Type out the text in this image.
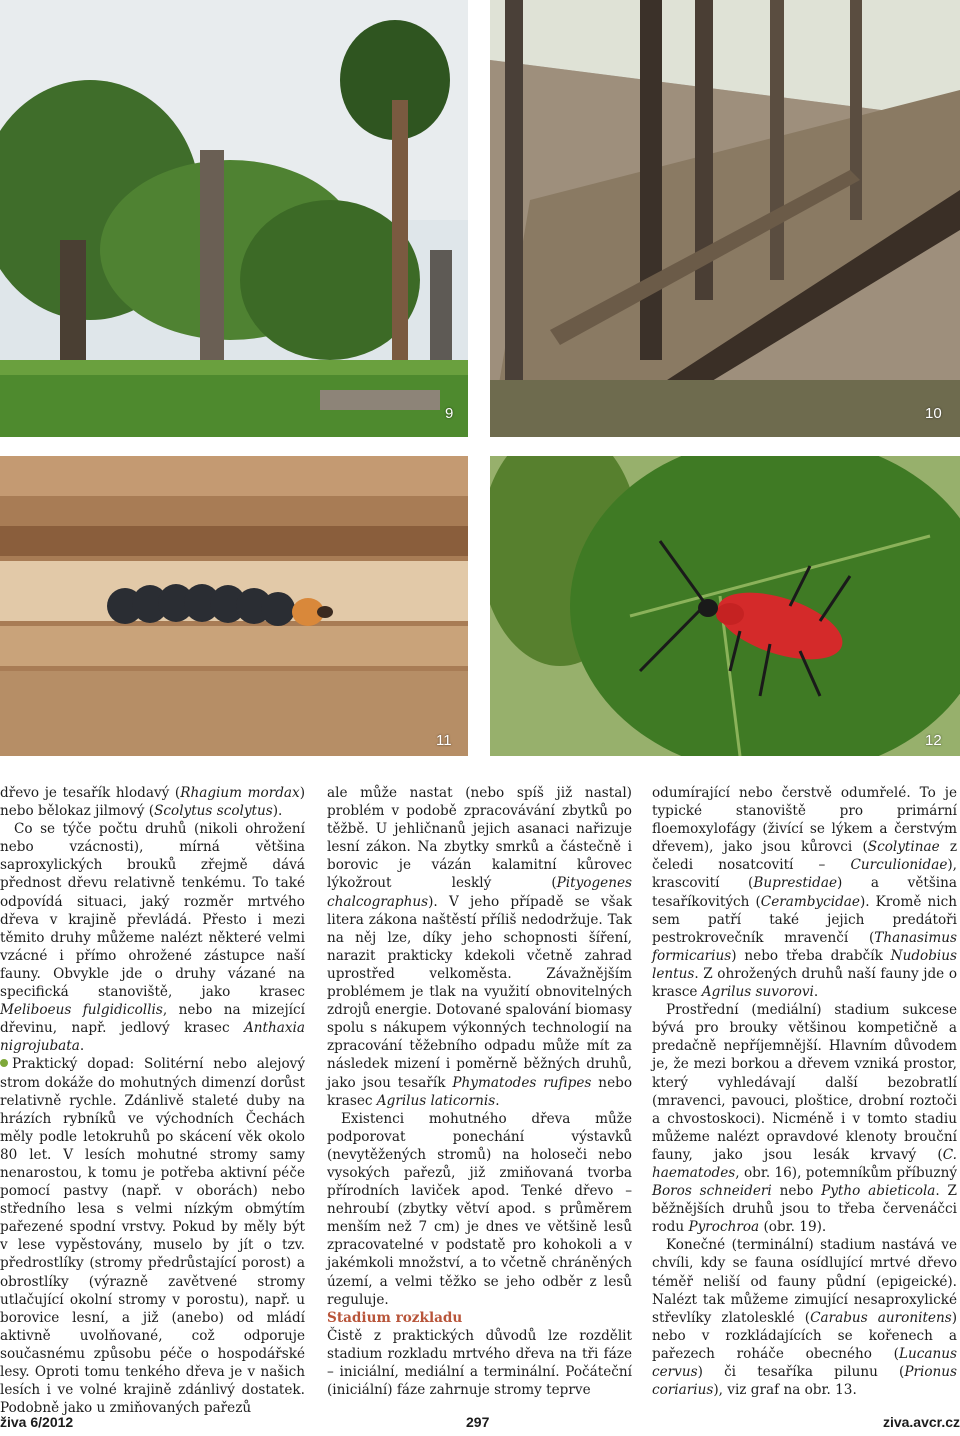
9	10
11	12

dřevo je tesařík hlodavý (Rhagium mordax) nebo bělokaz jilmový (Scolytus scolytus).

Co se týče počtu druhů (nikoli ohrožení nebo vzácnosti), mírná většina saproxylických brouků zřejmě dává přednost dřevu relativně tenkému. To také odpovídá situaci, jaký rozměr mrtvého dřeva v krajině převládá. Přesto i mezi těmito druhy můžeme nalézt některé velmi vzácné i přímo ohrožené zástupce naší fauny. Obvykle jde o druhy vázané na specifická stanoviště, jako krasec Meliboeus fulgidicollis, nebo na mizející dřevinu, např. jedlový krasec Anthaxia nigrojubata.

Praktický dopad: Solitérní nebo alejový strom dokáže do mohutných dimenzí dorůst relativně rychle. Zdánlivě staleté duby na hrázích rybníků ve východních Čechách měly podle letokruhů po skácení věk okolo 80 let. V lesích mohutné stromy samy nenarostou, k tomu je potřeba aktivní péče pomocí pastvy (např. v oborách) nebo středního lesa s velmi nízkým obmýtím pařezené spodní vrstvy. Pokud by měly být v lese vypěstovány, muselo by jít o tzv. předrostlíky (stromy předrůstající porost) a obrostlíky (výrazně zavětvené stromy utlačující okolní stromy v porostu), např. u borovice lesní, a již (anebo) od mládí aktivně uvolňované, což odporuje současnému způsobu péče o hospodářské lesy. Oproti tomu tenkého dřeva je v našich lesích i ve volné krajině zdánlivý dostatek. Podobně jako u zmiňovaných pařezů

ale může nastat (nebo spíš již nastal) problém v podobě zpracovávání zbytků po těžbě. U jehličnanů jejich asanaci nařizuje lesní zákon. Na zbytky smrků a částečně i borovic je vázán kalamitní kůrovec lýkožrout lesklý (Pityogenes chalcographus). V jeho případě se však litera zákona naštěstí příliš nedodržuje. Tak na něj lze, díky jeho schopnosti šíření, narazit prakticky kdekoli včetně zahrad uprostřed velkoměsta. Závažnějším problémem je tlak na využití obnovitelných zdrojů energie. Dotované spalování biomasy spolu s nákupem výkonných technologií na zpracování těžebního odpadu může mít za následek mizení i poměrně běžných druhů, jako jsou tesařík Phymatodes rufipes nebo krasec Agrilus laticornis.

Existenci mohutného dřeva může podporovat ponechání výstavků (nevytěžených stromů) na holoseči nebo vysokých pařezů, již zmiňovaná tvorba přírodních laviček apod. Tenké dřevo – nehroubí (zbytky větví apod. s průměrem menším než 7 cm) je dnes ve většině lesů zpracovatelné v podstatě pro kohokoli a v jakémkoli množství, a to včetně chráněných území, a velmi těžko se jeho odběr z lesů reguluje.

Stadium rozkladu

Čistě z praktických důvodů lze rozdělit stadium rozkladu mrtvého dřeva na tři fáze – iniciální, mediální a terminální. Počáteční (iniciální) fáze zahrnuje stromy teprve

odumírající nebo čerstvě odumřelé. To je typické stanoviště pro primární floemoxylofágy (živící se lýkem a čerstvým dřevem), jako jsou kůrovci (Scolytinae z čeledi nosatcovití – Curculionidae), krascovití (Buprestidae) a většina tesaříkovitých (Cerambycidae). Kromě nich sem patří také jejich predátoři pestrokrovečník mravenčí (Thanasimus formicarius) nebo třeba drabčík Nudobius lentus. Z ohrožených druhů naší fauny jde o krasce Agrilus suvorovi.

Prostřední (mediální) stadium sukcese bývá pro brouky většinou kompetičně a predačně nepříjemnější. Hlavním důvodem je, že mezi borkou a dřevem vzniká prostor, který vyhledávají další bezobratlí (mravenci, pavouci, ploštice, drobní roztoči a chvostoskoci). Nicméně i v tomto stadiu můžeme nalézt opravdové klenoty brouční fauny, jako jsou lesák krvavý (C. haematodes, obr. 16), potemníkům příbuzný Boros schneideri nebo Pytho abieticola. Z běžnějších druhů jsou to třeba červenáčci rodu Pyrochroa (obr. 19).

Konečné (terminální) stadium nastává ve chvíli, kdy se fauna osídlující mrtvé dřevo téměř neliší od fauny půdní (epigeické). Nalézt tak můžeme zimující nesaproxylické střevlíky zlatolesklé (Carabus auronitens) nebo v rozkládajících se kořenech a pařezech roháče obecného (Lucanus cervus) či tesaříka pilunu (Prionus coriarius), viz graf na obr. 13.

živa 6/2012	297	ziva.avcr.cz
